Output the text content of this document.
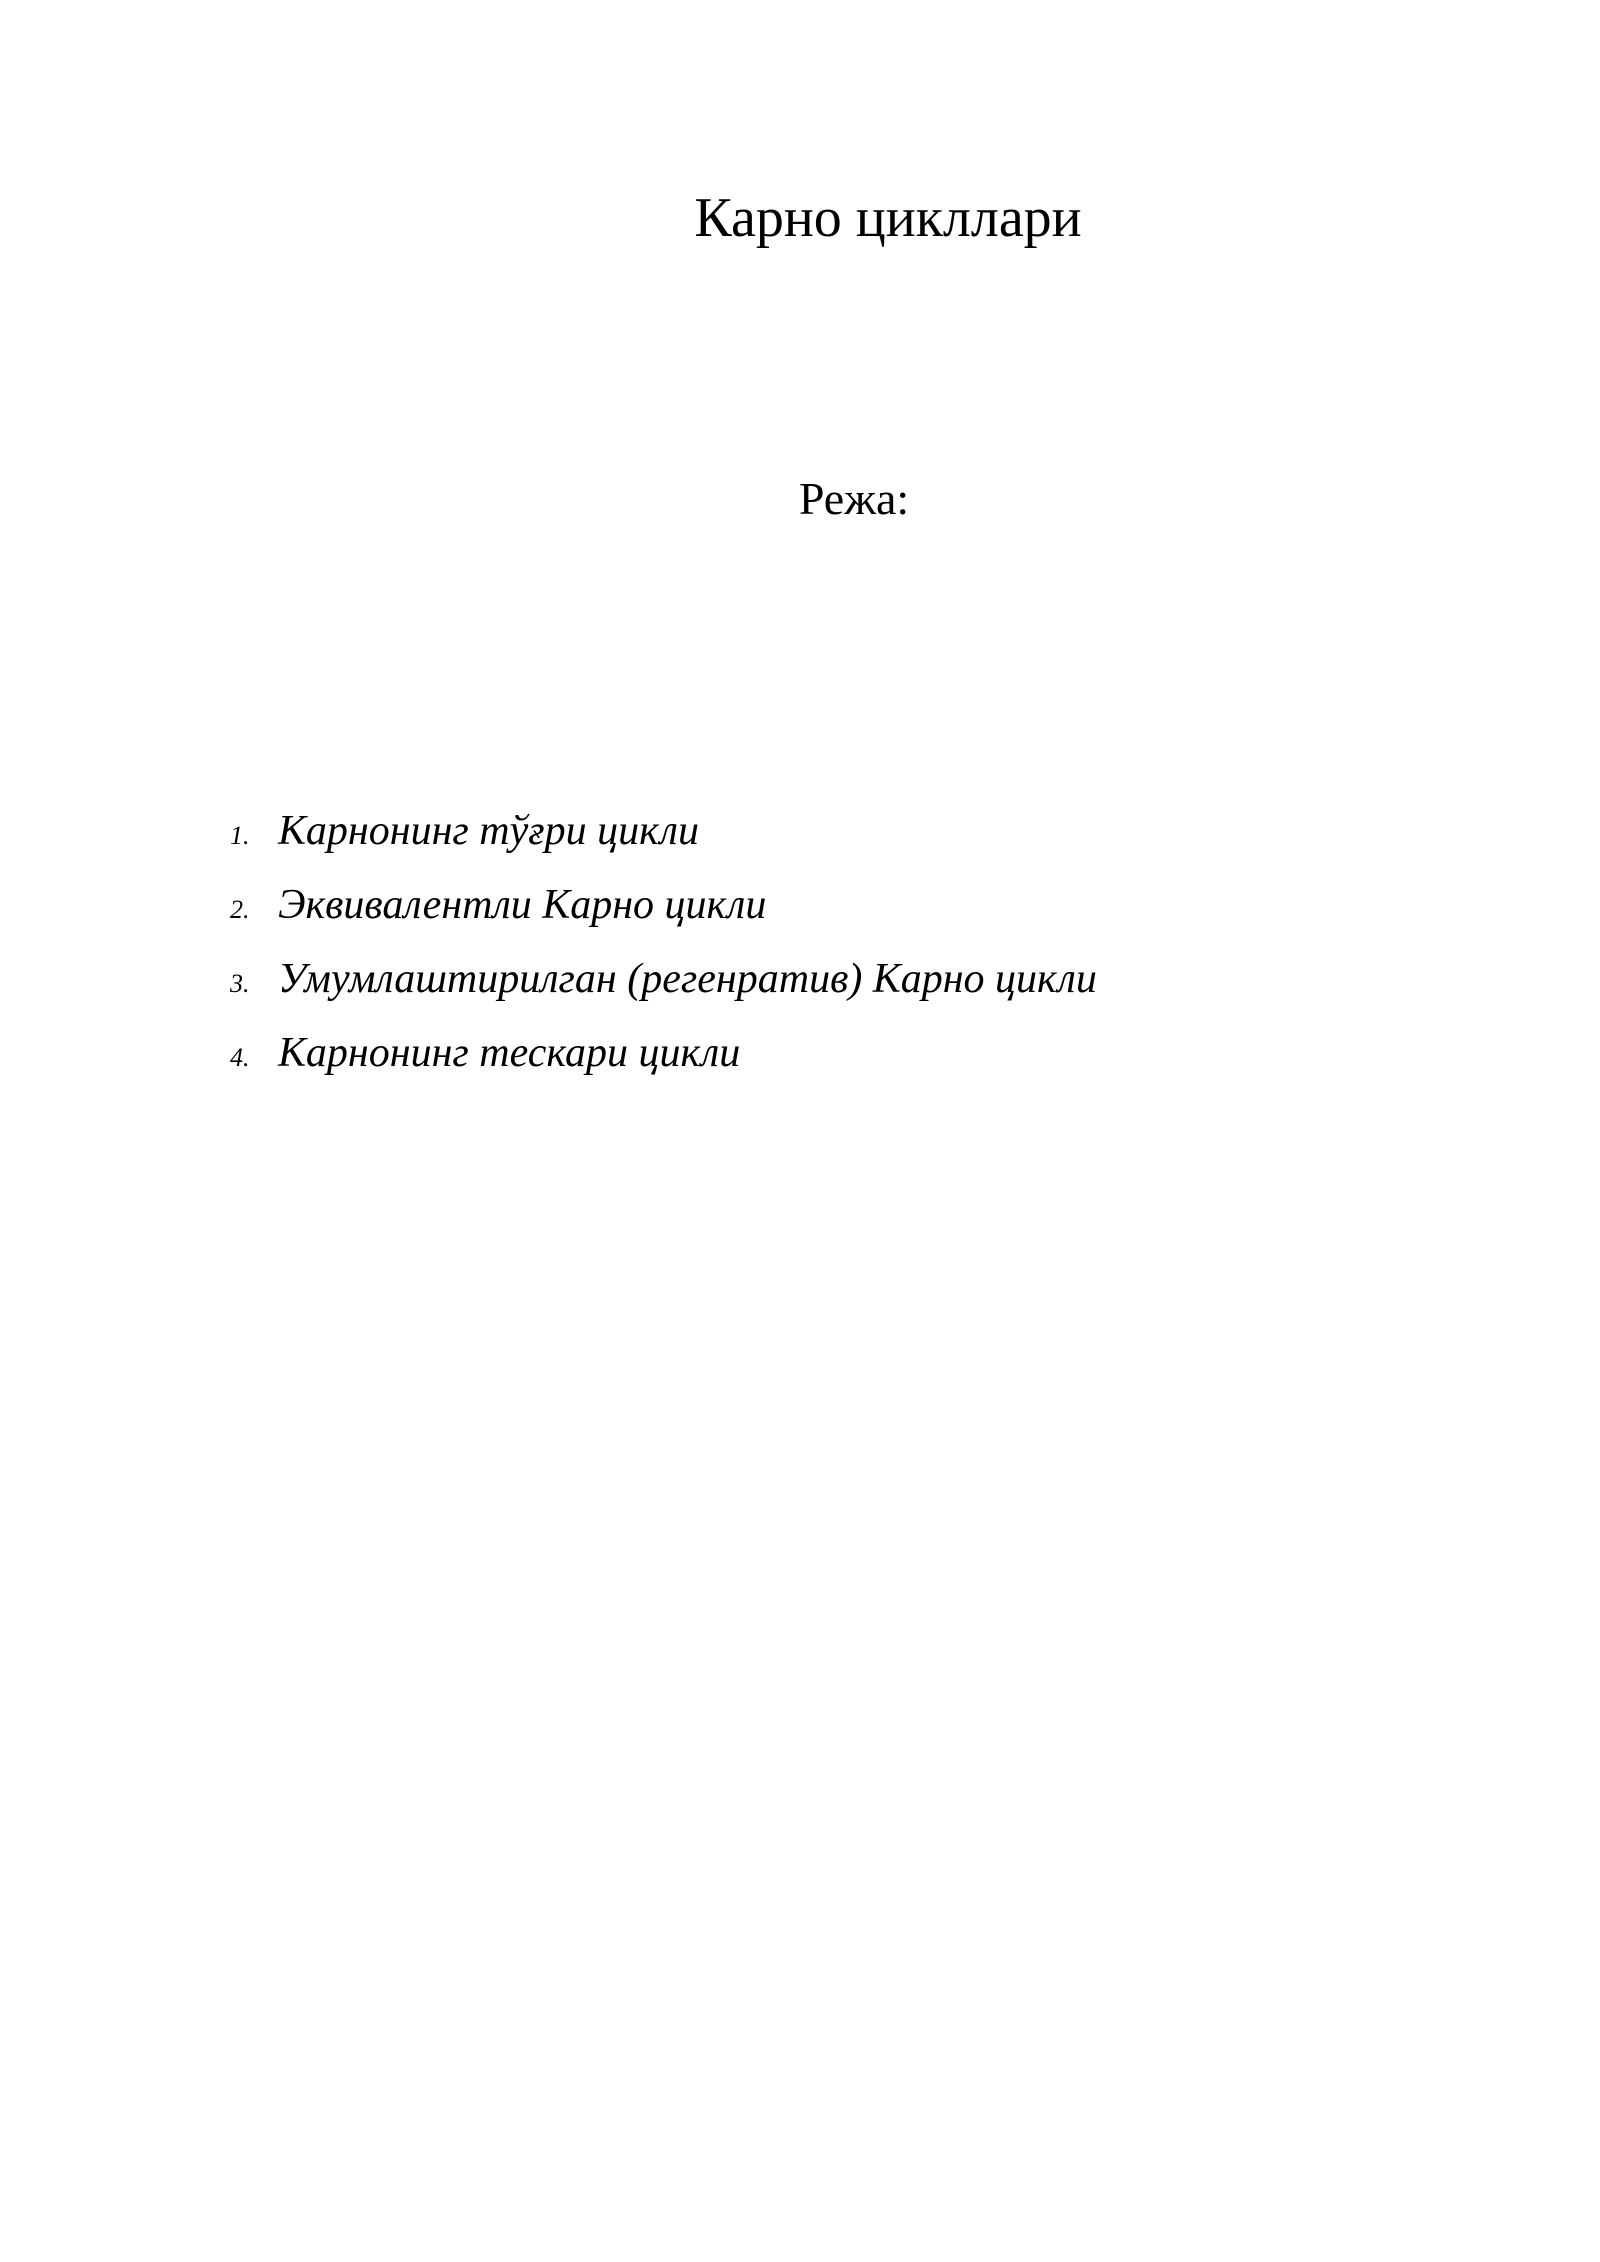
Карно цикллари
Режа:
1. Карнонинг тўғри цикли
2. Эквивалентли Карно цикли
3. Умумлаштирилган (регенратив) Карно цикли
4. Карнонинг тескари цикли
